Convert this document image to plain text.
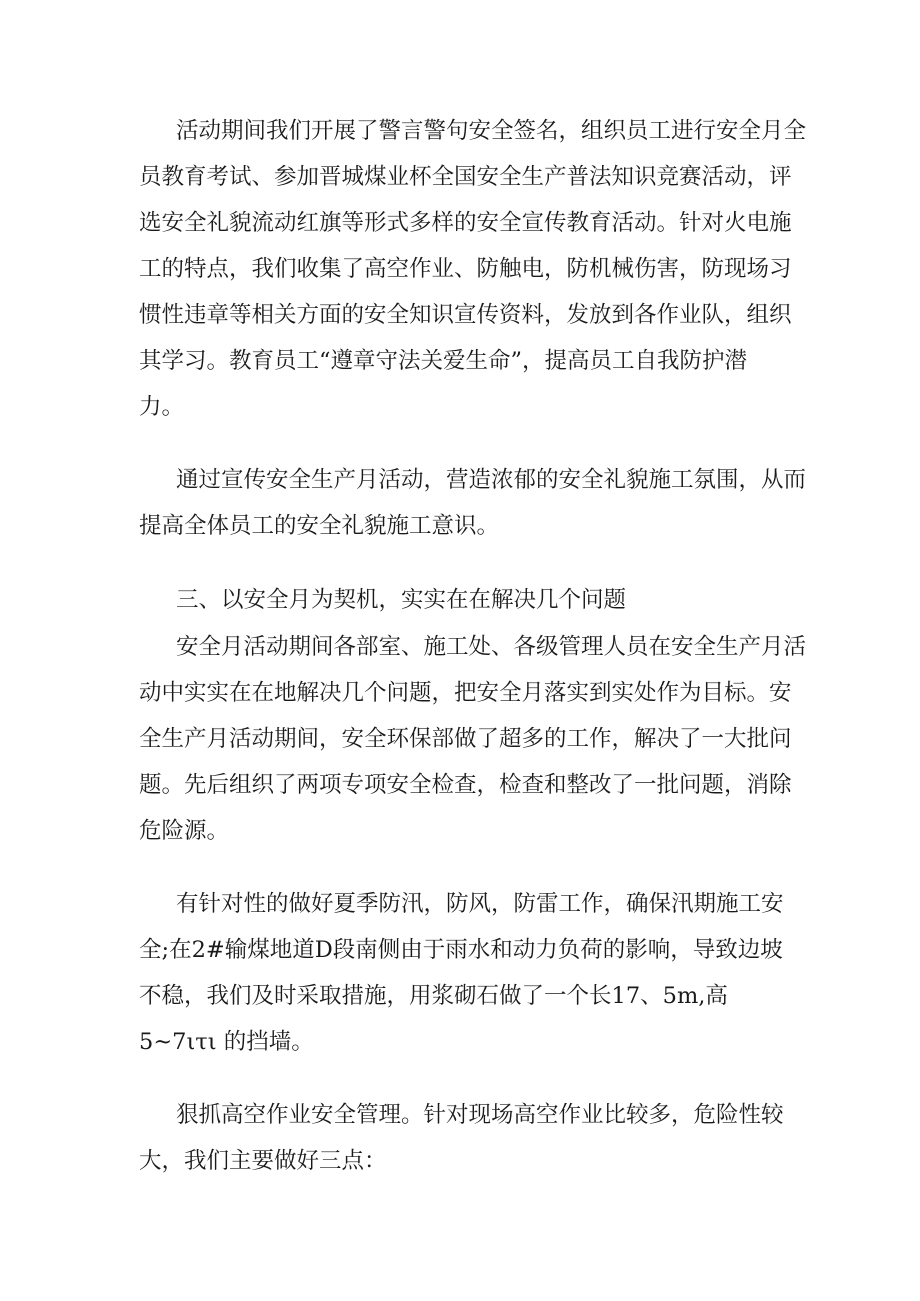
活动期间我们开展了警言警句安全签名，组织员工进行安全月全
员教育考试、参加晋城煤业杯全国安全生产普法知识竞赛活动，评
选安全礼貌流动红旗等形式多样的安全宣传教育活动。针对火电施
工的特点，我们收集了高空作业、防触电，防机械伤害，防现场习
惯性违章等相关方面的安全知识宣传资料，发放到各作业队，组织
其学习。教育员工“遵章守法关爱生命”，提高员工自我防护潜
力。
通过宣传安全生产月活动，营造浓郁的安全礼貌施工氛围，从而
提高全体员工的安全礼貌施工意识。
三、以安全月为契机，实实在在解决几个问题
安全月活动期间各部室、施工处、各级管理人员在安全生产月活
动中实实在在地解决几个问题，把安全月落实到实处作为目标。安
全生产月活动期间，安全环保部做了超多的工作，解决了一大批问
题。先后组织了两项专项安全检查，检查和整改了一批问题，消除
危险源。
有针对性的做好夏季防汛，防风，防雷工作，确保汛期施工安
全;在2#输煤地道D段南侧由于雨水和动力负荷的影响，导致边坡
不稳，我们及时采取措施，用浆砌石做了一个长17、5m,高
5~7ιτι 的挡墙。
狠抓高空作业安全管理。针对现场高空作业比较多，危险性较
大，我们主要做好三点：
